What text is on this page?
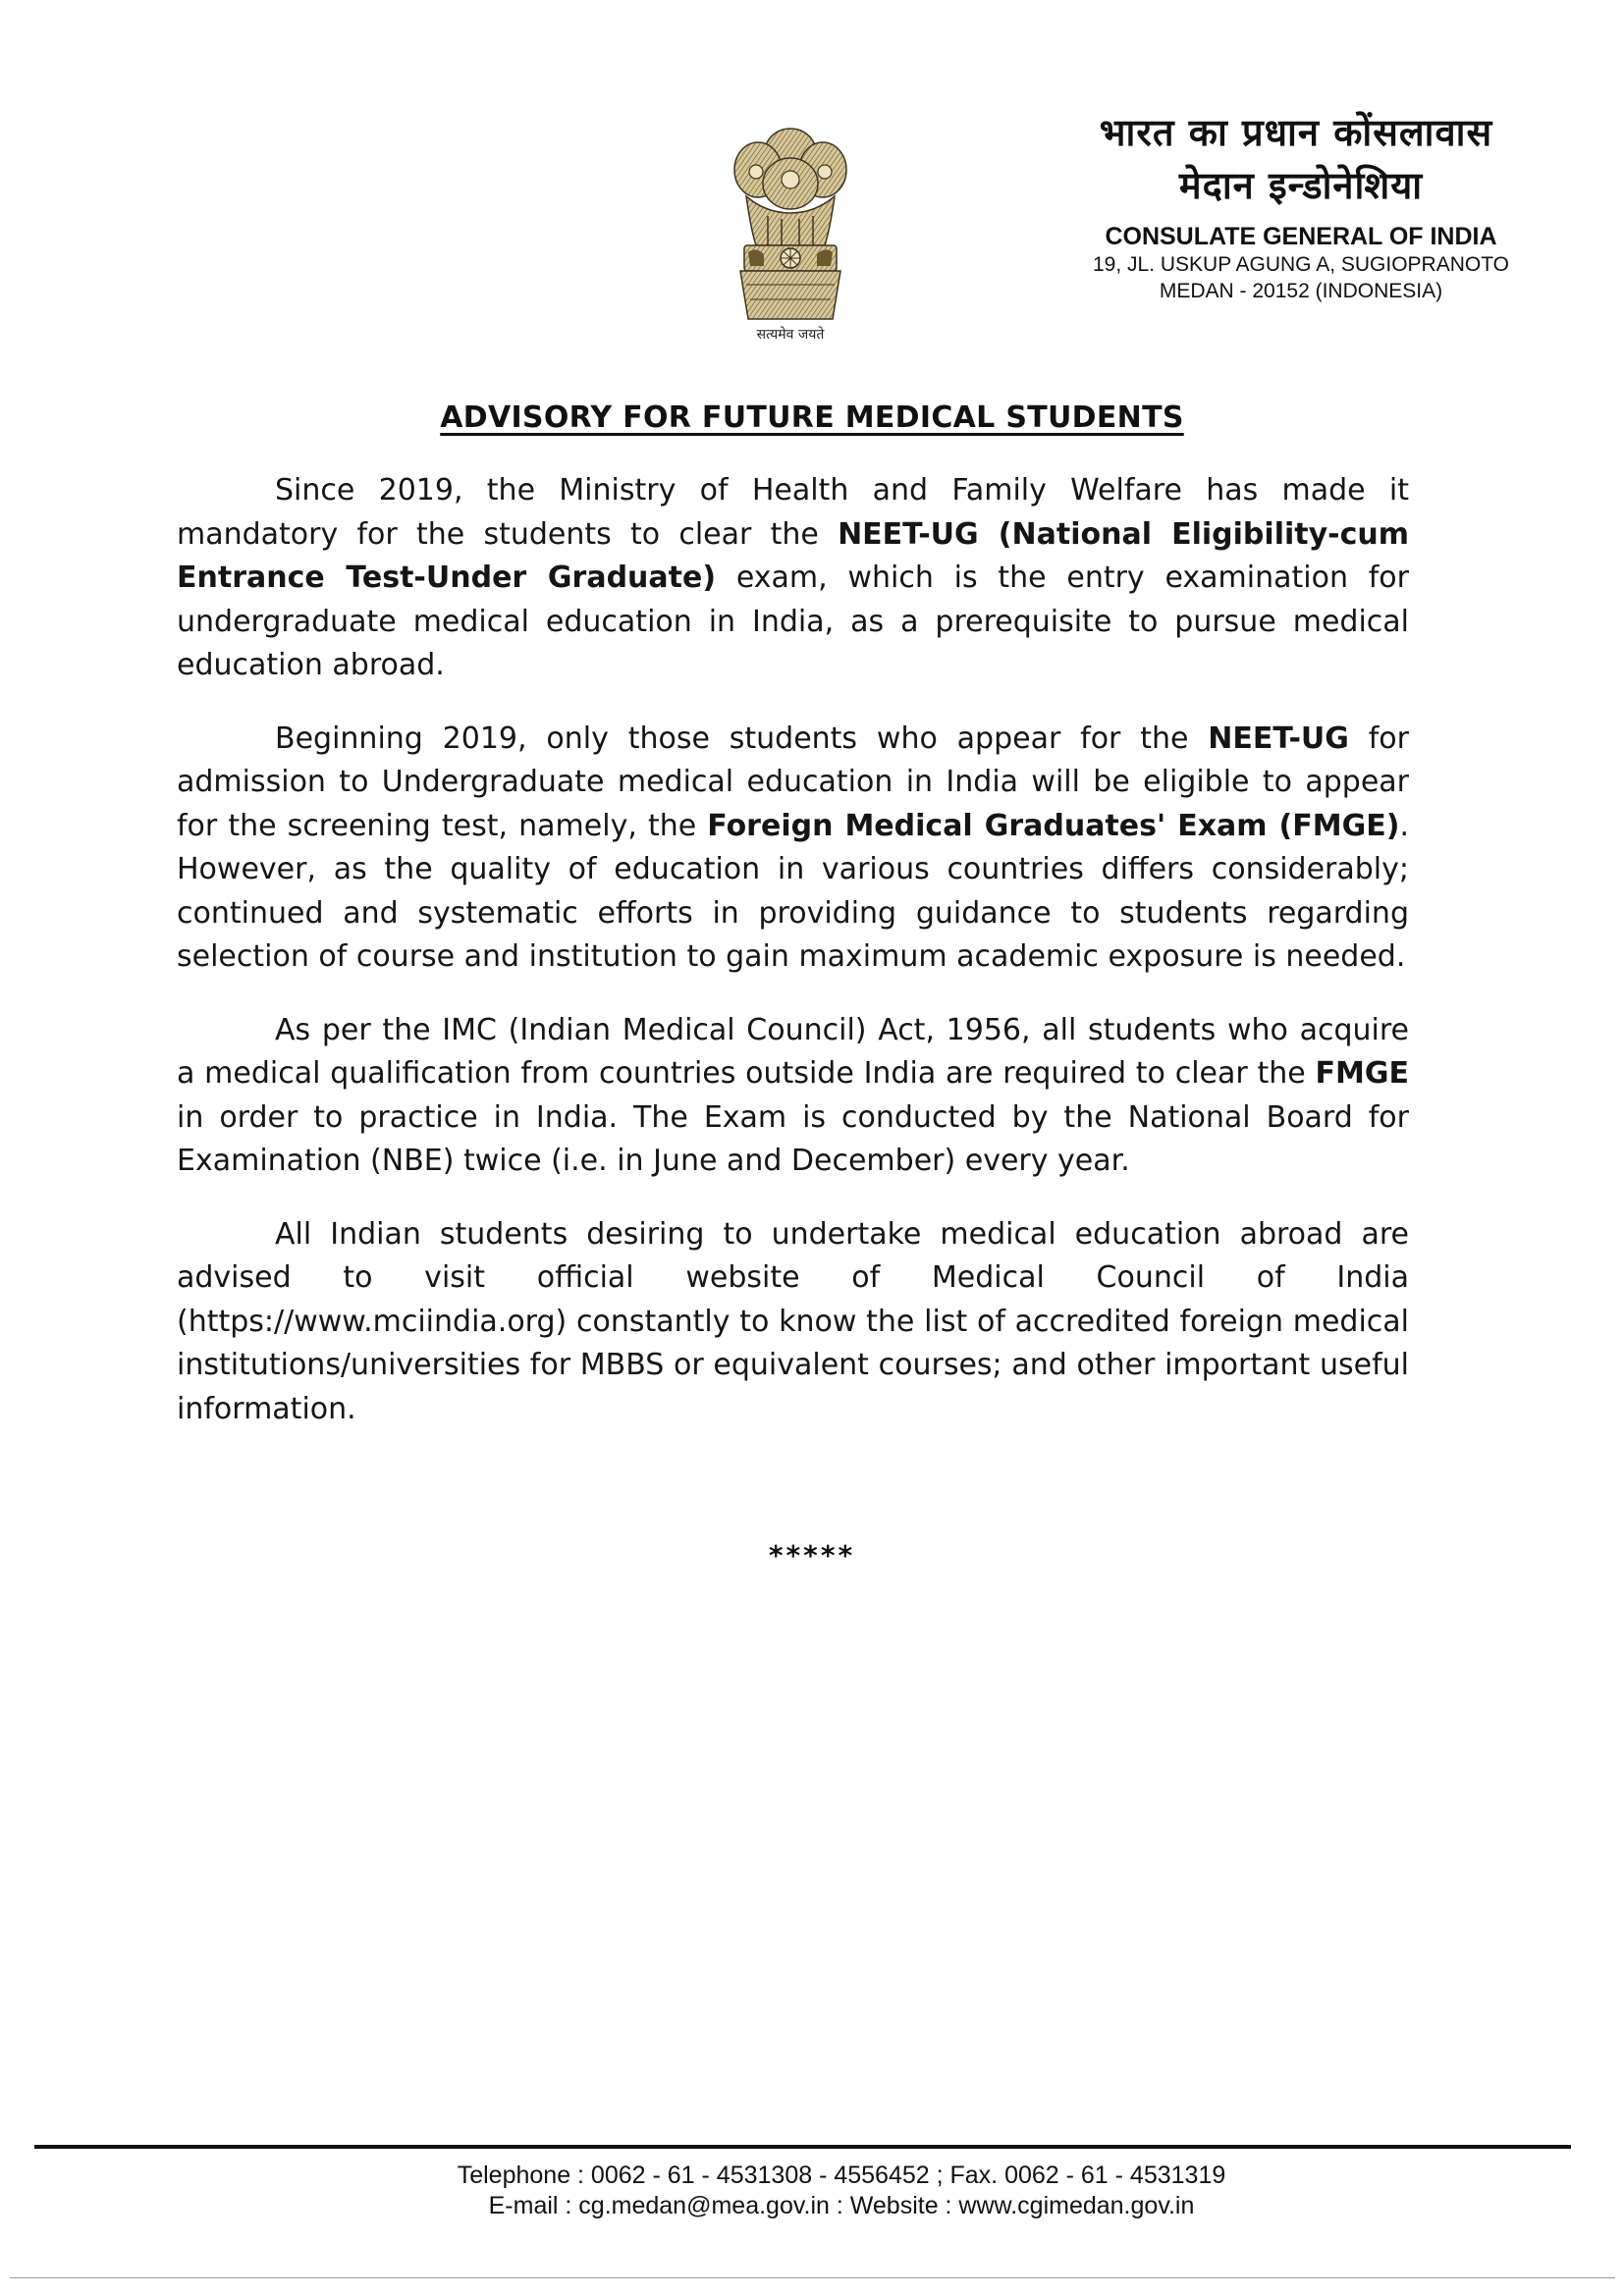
सत्यमेव जयते
भारत का प्रधान कोंसलावास
मेदान इन्डोनेशिया
CONSULATE GENERAL OF INDIA
19, JL. USKUP AGUNG A, SUGIOPRANOTO
MEDAN - 20152 (INDONESIA)
ADVISORY FOR FUTURE MEDICAL STUDENTS

Since 2019, the Ministry of Health and Family Welfare has made it mandatory for the students to clear the NEET-UG (National Eligibility-cum Entrance Test-Under Graduate) exam, which is the entry examination for undergraduate medical education in India, as a prerequisite to pursue medical education abroad.

Beginning 2019, only those students who appear for the NEET-UG for admission to Undergraduate medical education in India will be eligible to appear for the screening test, namely, the Foreign Medical Graduates' Exam (FMGE). However, as the quality of education in various countries differs considerably; continued and systematic efforts in providing guidance to students regarding selection of course and institution to gain maximum academic exposure is needed.

As per the IMC (Indian Medical Council) Act, 1956, all students who acquire a medical qualification from countries outside India are required to clear the FMGE in order to practice in India. The Exam is conducted by the National Board for Examination (NBE) twice (i.e. in June and December) every year.

All Indian students desiring to undertake medical education abroad are advised to visit official website of Medical Council of India (https://www.mciindia.org) constantly to know the list of accredited foreign medical institutions/universities for MBBS or equivalent courses; and other important useful information.

*****
Telephone : 0062 - 61 - 4531308 - 4556452 ; Fax. 0062 - 61 - 4531319
E-mail : cg.medan@mea.gov.in : Website : www.cgimedan.gov.in
